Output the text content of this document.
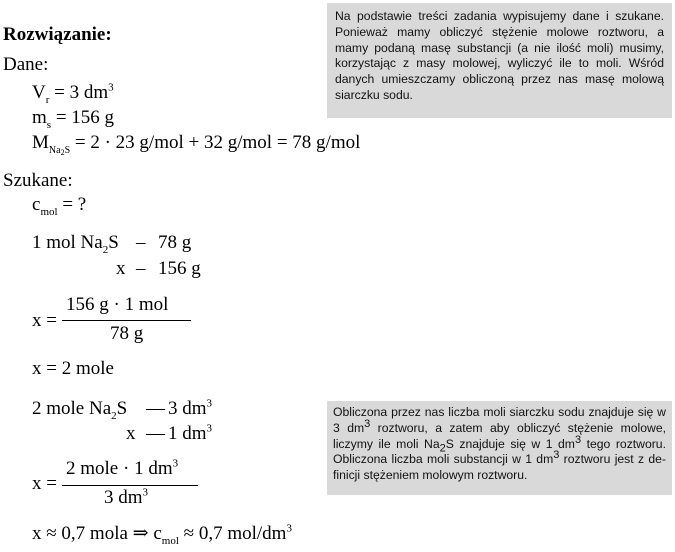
Rozwiązanie:
Dane:
$V_r = 3$ $dm^3$
$m_s = 156$ g
$M_{Na_2S} = 2 \cdot 23$ g/mol + 32 g/mol = 78 g/mol
Szukane:
$c_{mol}$ = ?
1 mol $Na_2S - 78$ g
x – 156 g
x =
156 g · 1 mol
78 g
x = 2 mole
2 mole $Na_2S$ — 3 $dm^3$
x — 1 $dm^3$
x =
2 mole · 1 $dm^3$
3 $dm^3$
x ≈ 0,7 mola ⇒ $c_{mol} \approx 0,7$ mol/$dm^3$

Na podstawie treści zadania wypisujemy dane i szukane. Ponieważ mamy obliczyć stężenie molowe roztworu, a mamy podaną masę substancji (a nie ilość moli) musimy, korzystając z masy molowej, wyliczyć ile to moli. Wśród danych umieszczamy obliczoną przez nas masę molową siarczku sodu.

Obliczona przez nas liczba moli siarczku sodu znajduje się w 3 $dm^3$ roztworu, a zatem aby obliczyć stężenie molowe, liczymy ile moli $Na_2S$ znajduje się w 1 $dm^3$ tego roztworu. Obliczona liczba moli substancji w 1 $dm^3$ roztworu jest z definicji stężeniem molowym roztworu.
